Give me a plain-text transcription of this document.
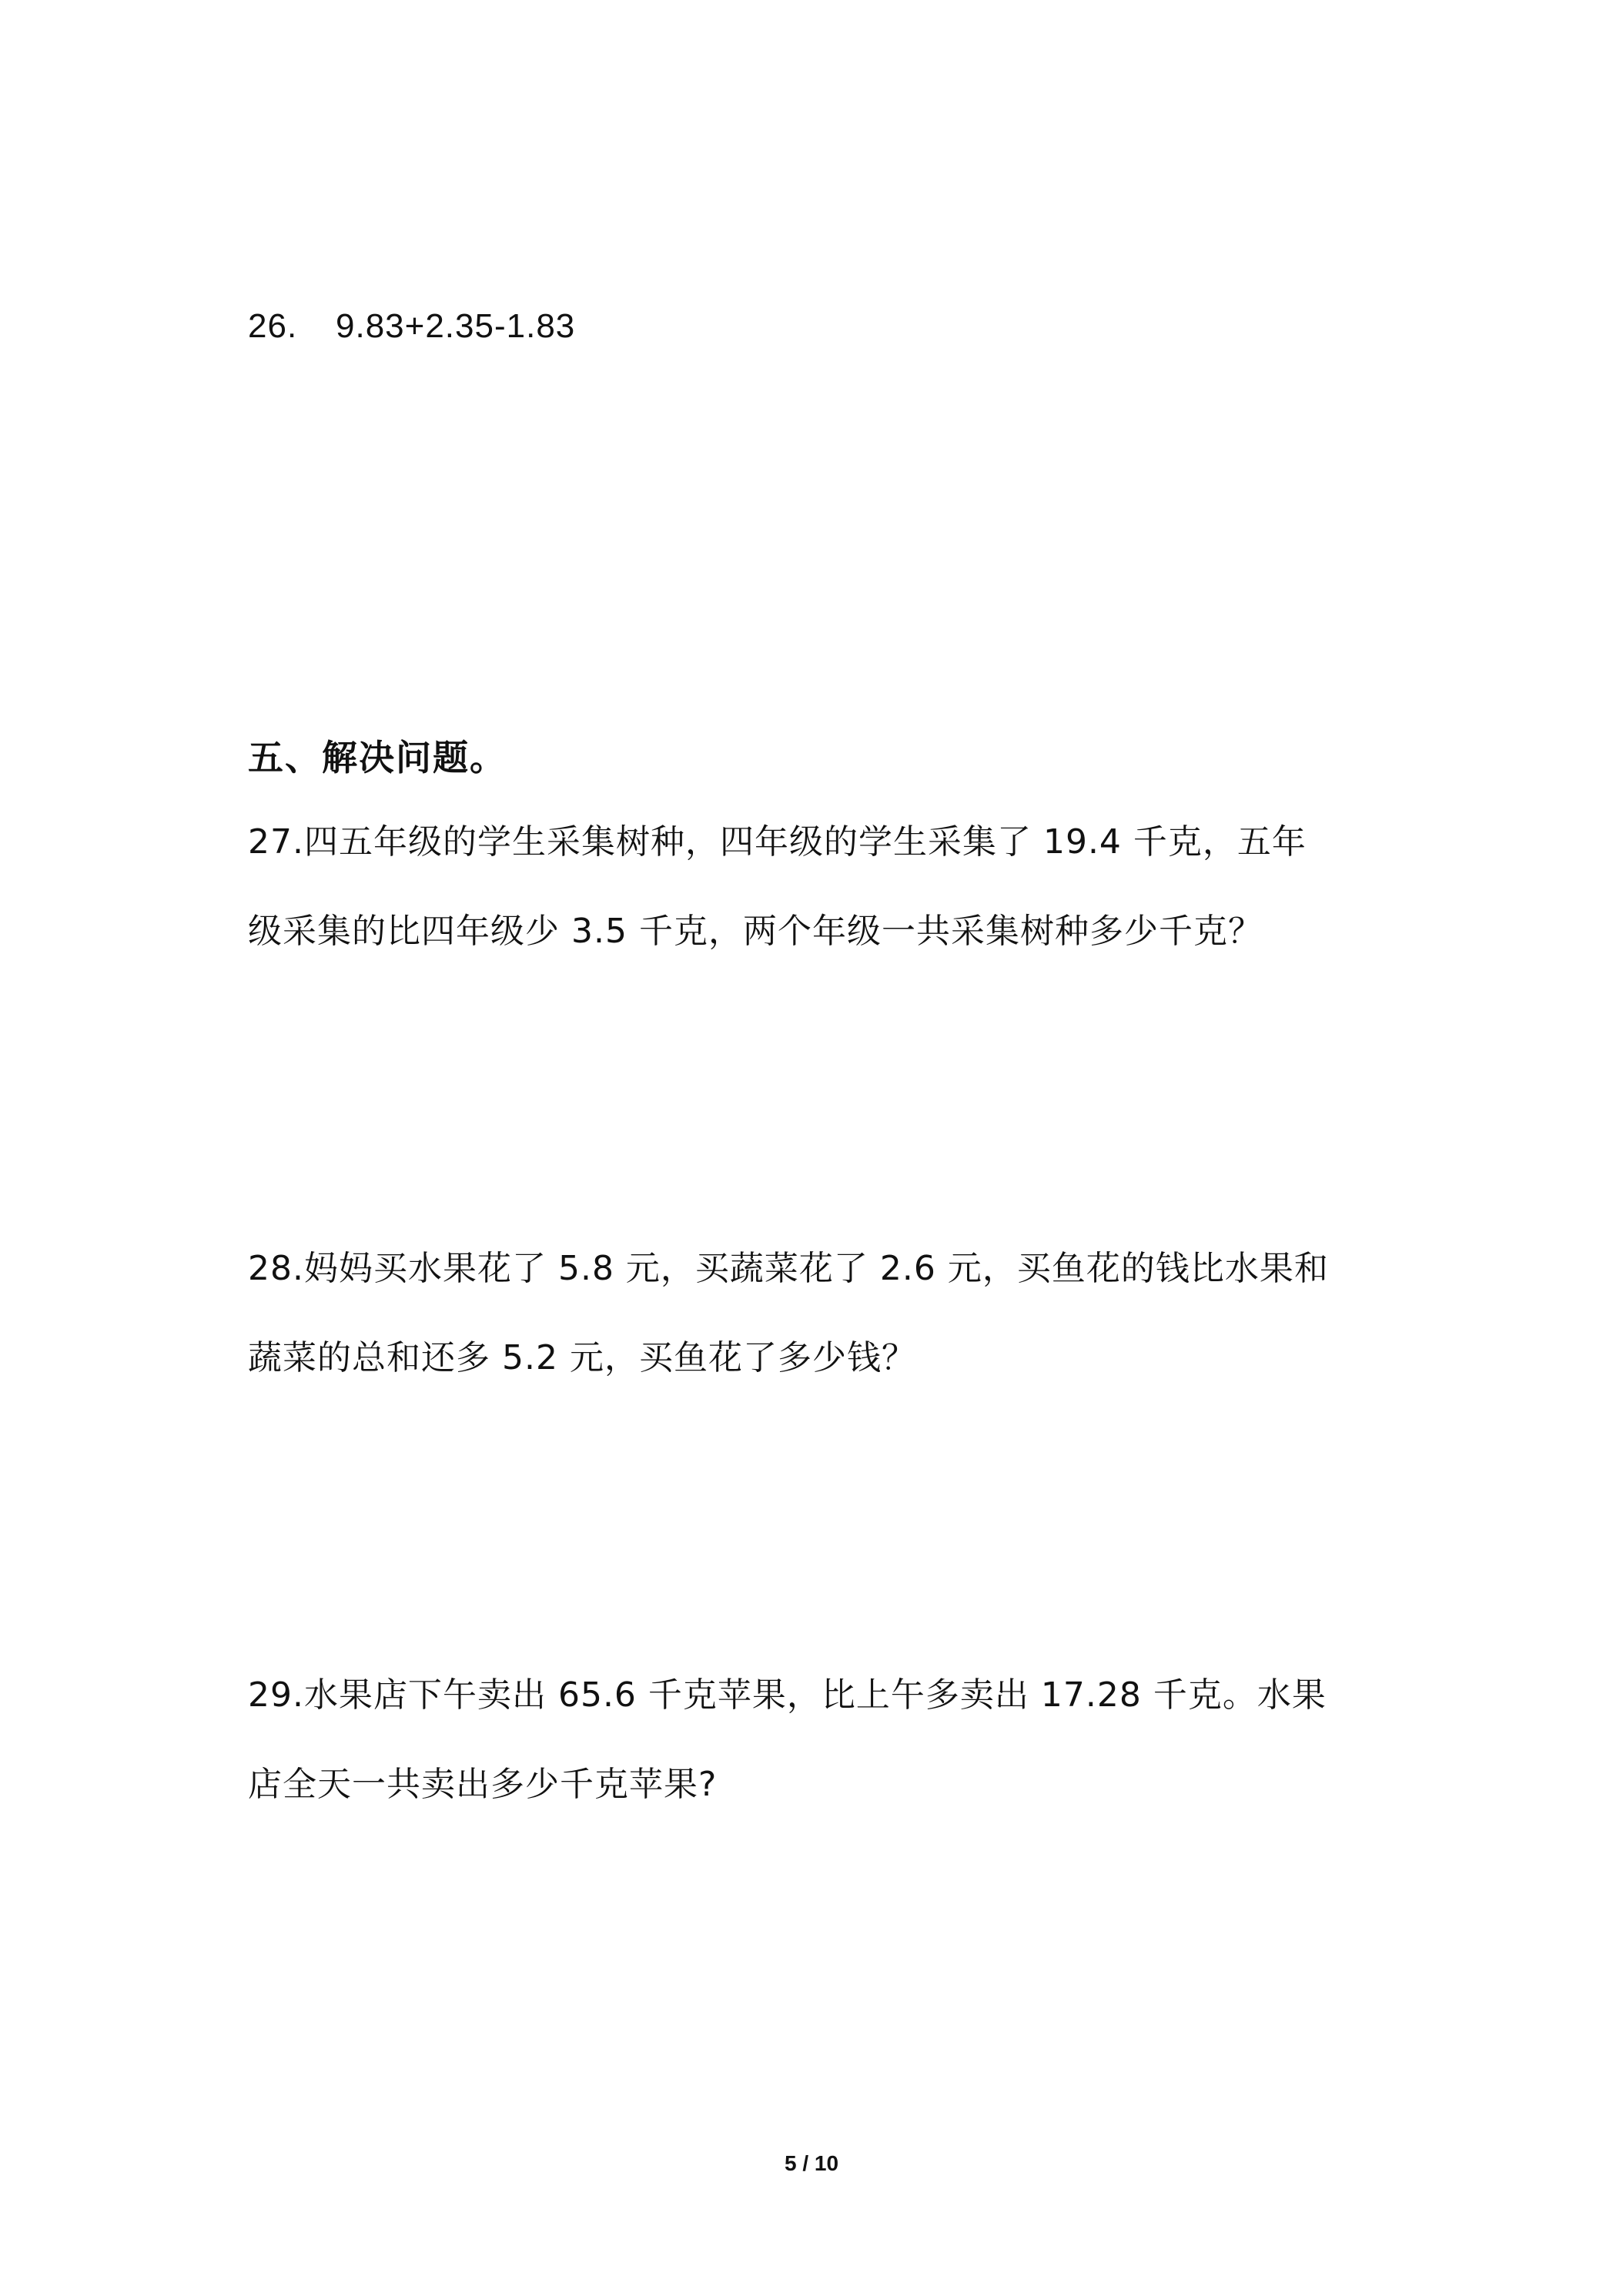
26. 9.83+2.35-1.83
五、解决问题。
27.四五年级的学生采集树种，四年级的学生采集了 19.4 千克，五年
级采集的比四年级少 3.5 千克，两个年级一共采集树种多少千克？
28.妈妈买水果花了 5.8 元，买蔬菜花了 2.6 元，买鱼花的钱比水果和
蔬菜的总和还多 5.2 元，买鱼花了多少钱？
29.水果店下午卖出 65.6 千克苹果，比上午多卖出 17.28 千克。水果
店全天一共卖出多少千克苹果?
5 / 10
